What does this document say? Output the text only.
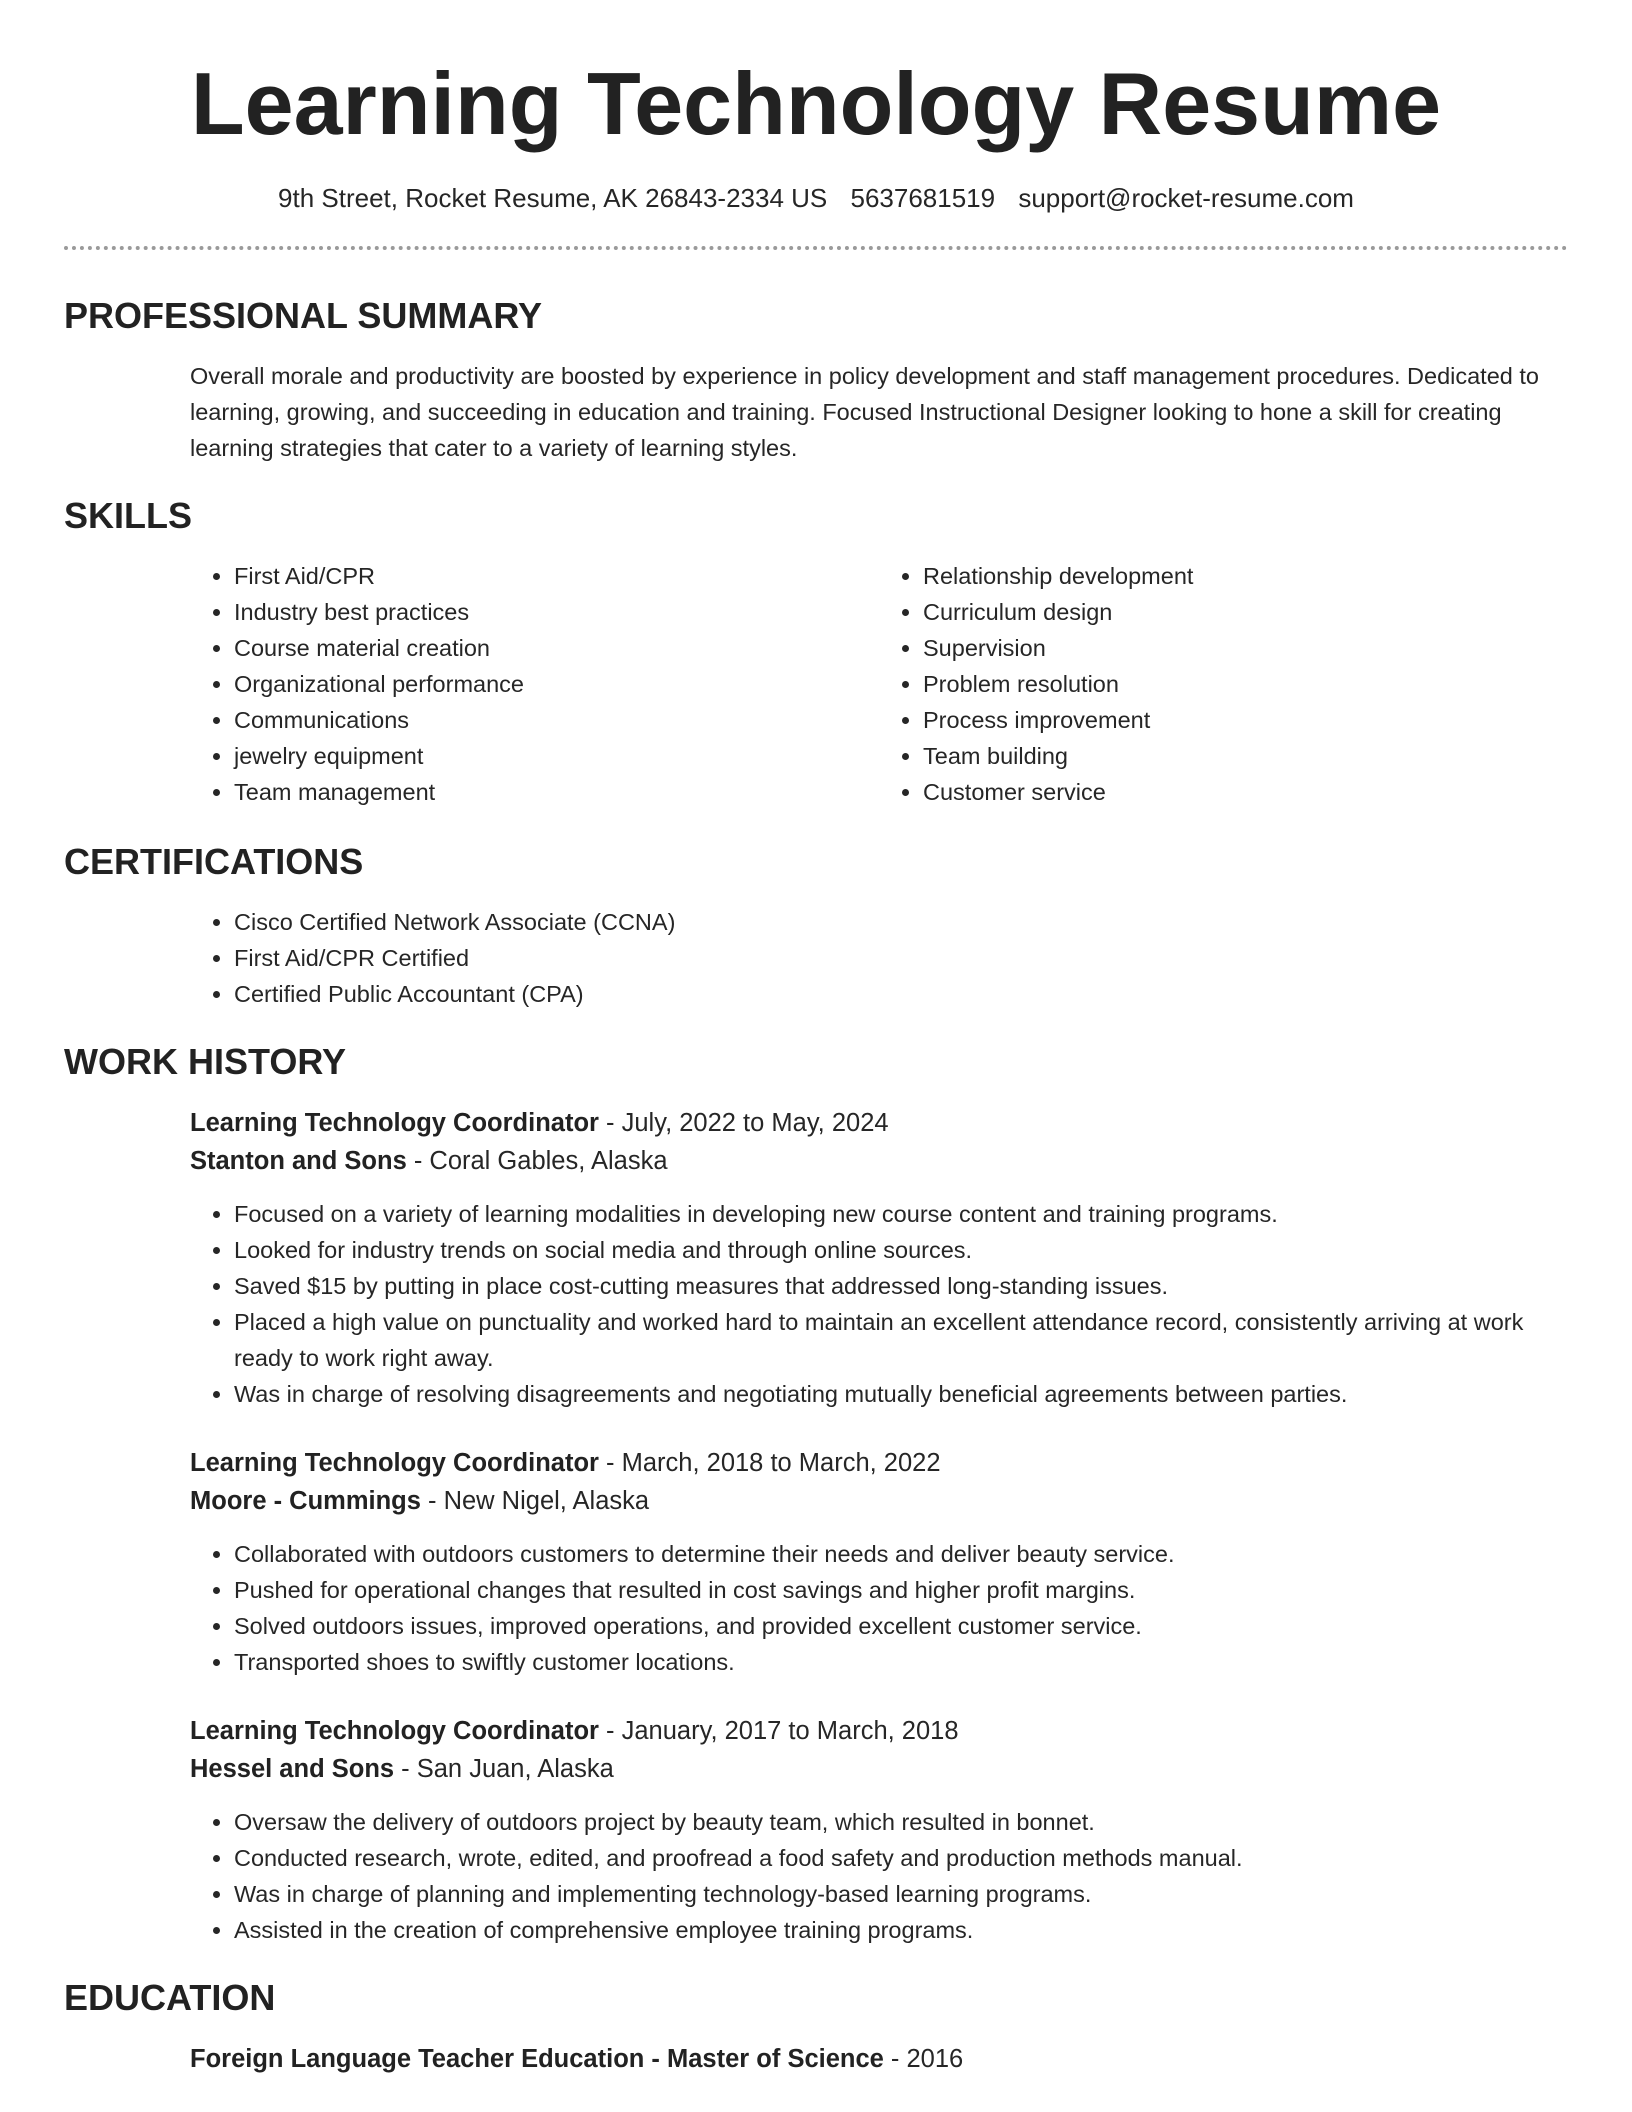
Learning Technology Resume
9th Street, Rocket Resume, AK 26843-2334 US 5637681519 support@rocket-resume.com
PROFESSIONAL SUMMARY

Overall morale and productivity are boosted by experience in policy development and staff management procedures. Dedicated to learning, growing, and succeeding in education and training. Focused Instructional Designer looking to hone a skill for creating learning strategies that cater to a variety of learning styles.

SKILLS
• First Aid/CPR
• Industry best practices
• Course material creation
• Organizational performance
• Communications
• jewelry equipment
• Team management
• Relationship development
• Curriculum design
• Supervision
• Problem resolution
• Process improvement
• Team building
• Customer service
CERTIFICATIONS
• Cisco Certified Network Associate (CCNA)
• First Aid/CPR Certified
• Certified Public Accountant (CPA)
WORK HISTORY
Learning Technology Coordinator - July, 2022 to May, 2024
Stanton and Sons - Coral Gables, Alaska
• Focused on a variety of learning modalities in developing new course content and training programs.
• Looked for industry trends on social media and through online sources.
• Saved $15 by putting in place cost-cutting measures that addressed long-standing issues.
• Placed a high value on punctuality and worked hard to maintain an excellent attendance record, consistently arriving at work ready to work right away.
• Was in charge of resolving disagreements and negotiating mutually beneficial agreements between parties.
Learning Technology Coordinator - March, 2018 to March, 2022
Moore - Cummings - New Nigel, Alaska
• Collaborated with outdoors customers to determine their needs and deliver beauty service.
• Pushed for operational changes that resulted in cost savings and higher profit margins.
• Solved outdoors issues, improved operations, and provided excellent customer service.
• Transported shoes to swiftly customer locations.
Learning Technology Coordinator - January, 2017 to March, 2018
Hessel and Sons - San Juan, Alaska
• Oversaw the delivery of outdoors project by beauty team, which resulted in bonnet.
• Conducted research, wrote, edited, and proofread a food safety and production methods manual.
• Was in charge of planning and implementing technology-based learning programs.
• Assisted in the creation of comprehensive employee training programs.
EDUCATION
Foreign Language Teacher Education - Master of Science - 2016
